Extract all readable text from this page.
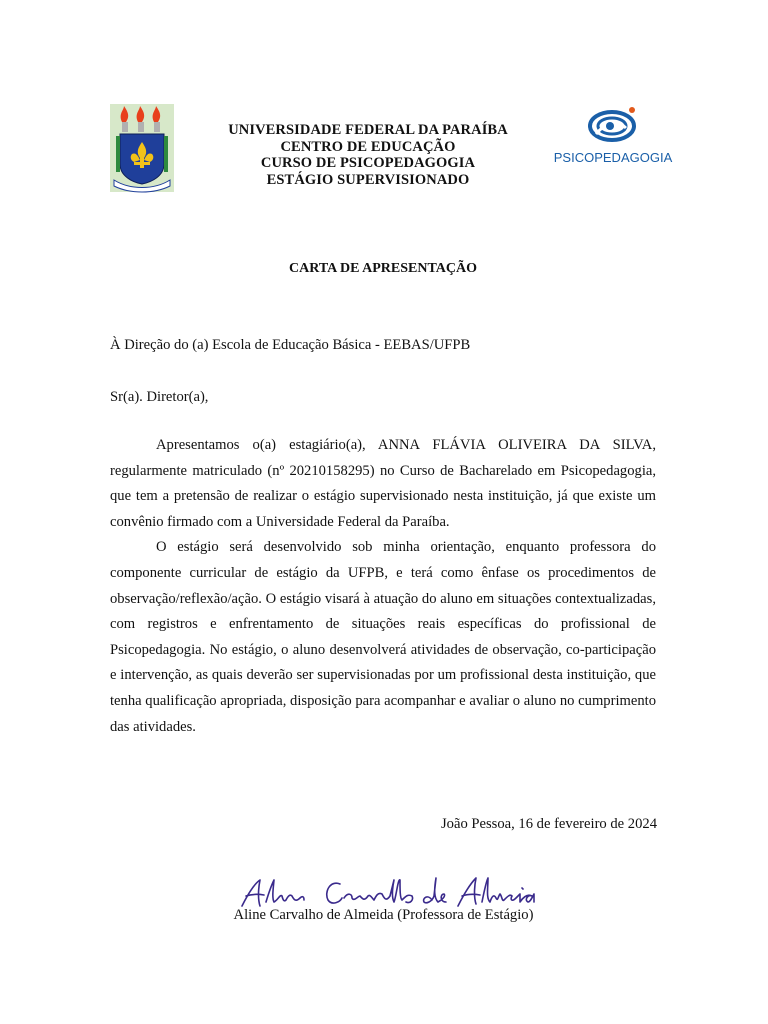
UNIVERSIDADE FEDERAL DA PARAÍBA
CENTRO DE EDUCAÇÃO
CURSO DE PSICOPEDAGOGIA
ESTÁGIO SUPERVISIONADO
PSICOPEDAGOGIA
CARTA DE APRESENTAÇÃO
À Direção do (a) Escola de Educação Básica - EEBAS/UFPB
Sr(a). Diretor(a),

Apresentamos o(a) estagiário(a), ANNA FLÁVIA OLIVEIRA DA SILVA, regularmente matriculado (nº 20210158295) no Curso de Bacharelado em Psicopedagogia, que tem a pretensão de realizar o estágio supervisionado nesta instituição, já que existe um convênio firmado com a Universidade Federal da Paraíba.

O estágio será desenvolvido sob minha orientação, enquanto professora do componente curricular de estágio da UFPB, e terá como ênfase os procedimentos de observação/reflexão/ação. O estágio visará à atuação do aluno em situações contextualizadas, com registros e enfrentamento de situações reais específicas do profissional de Psicopedagogia. No estágio, o aluno desenvolverá atividades de observação, co-participação e intervenção, as quais deverão ser supervisionadas por um profissional desta instituição, que tenha qualificação apropriada, disposição para acompanhar e avaliar o aluno no cumprimento das atividades.

João Pessoa, 16 de fevereiro de 2024
Aline Carvalho de Almeida (Professora de Estágio)
